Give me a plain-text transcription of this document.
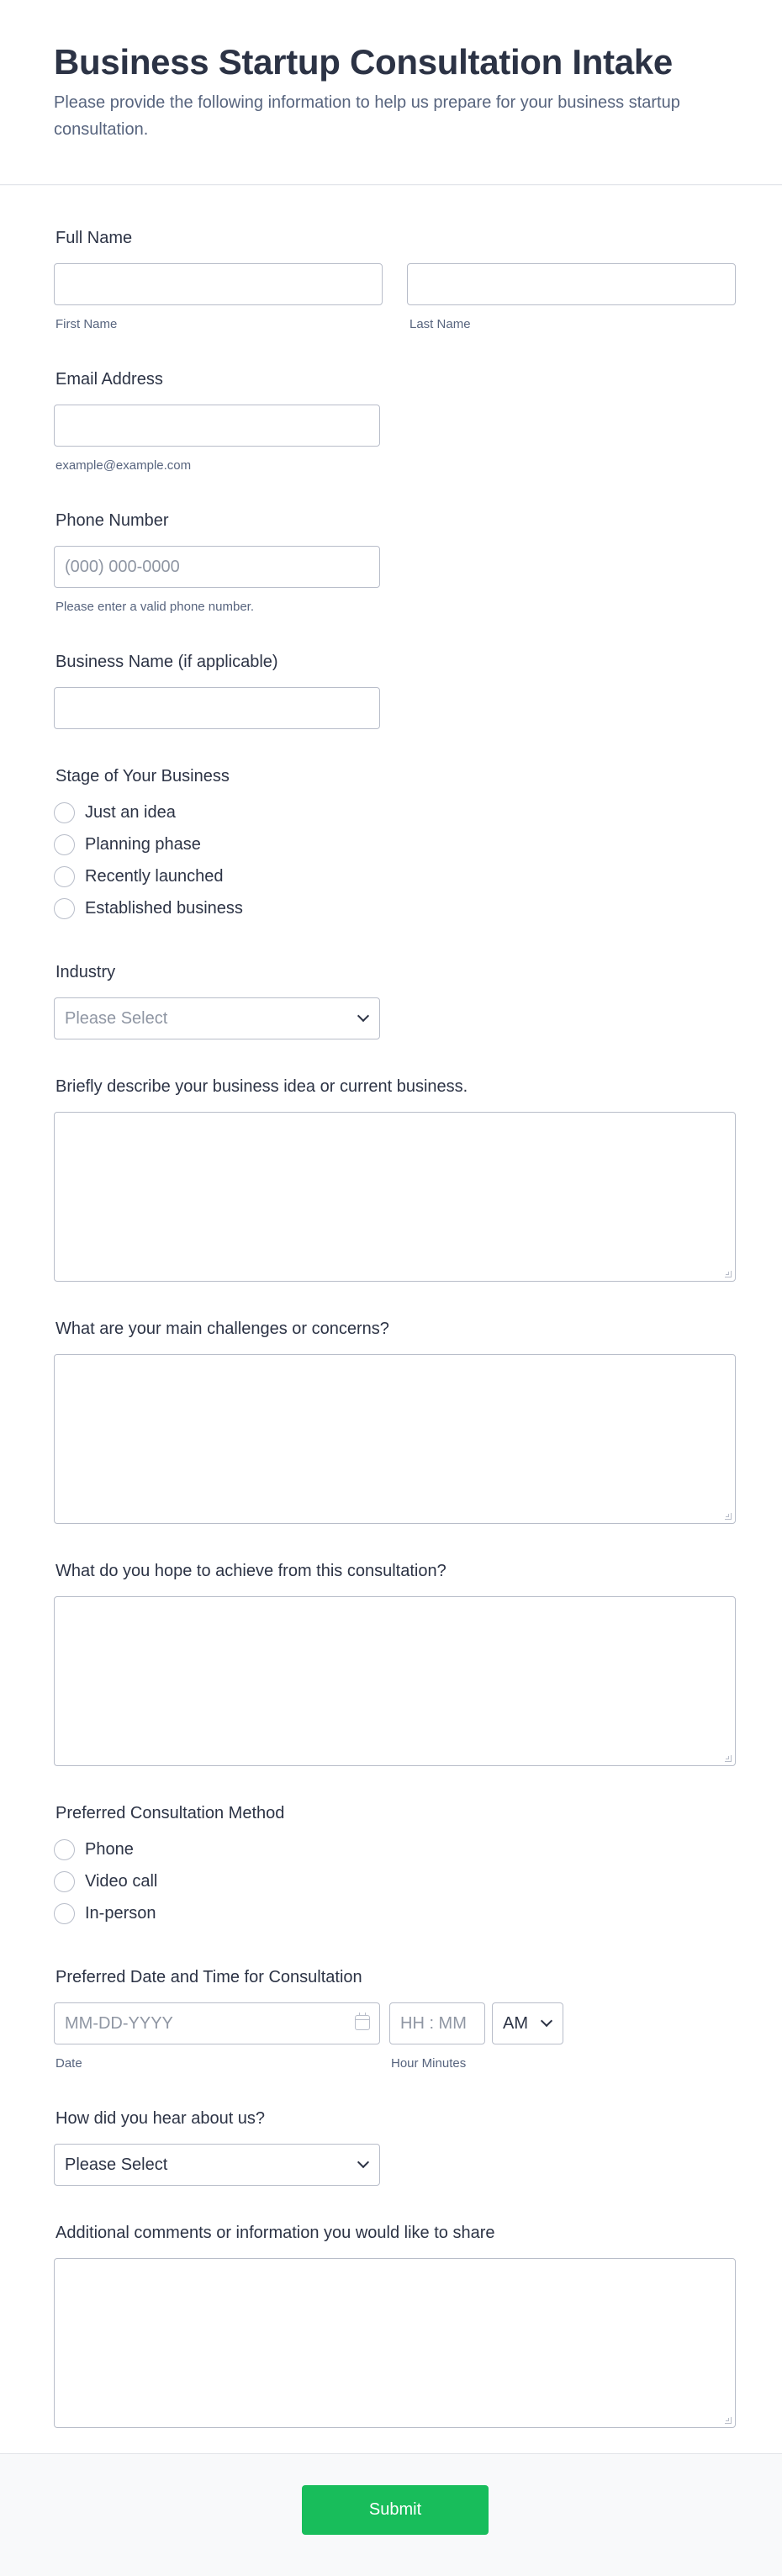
Business Startup Consultation Intake
Please provide the following information to help us prepare for your business startup consultation.
Full Name
First Name	Last Name
Email Address
example@example.com
Phone Number
(000) 000-0000
Please enter a valid phone number.
Business Name (if applicable)
Stage of Your Business
Just an idea
Planning phase
Recently launched
Established business
Industry
Please Select
Briefly describe your business idea or current business.
What are your main challenges or concerns?
What do you hope to achieve from this consultation?
Preferred Consultation Method
Phone
Video call
In-person
Preferred Date and Time for Consultation
MM-DD-YYYY
HH : MM
AM
Date	Hour Minutes
How did you hear about us?
Please Select
Additional comments or information you would like to share
Submit
